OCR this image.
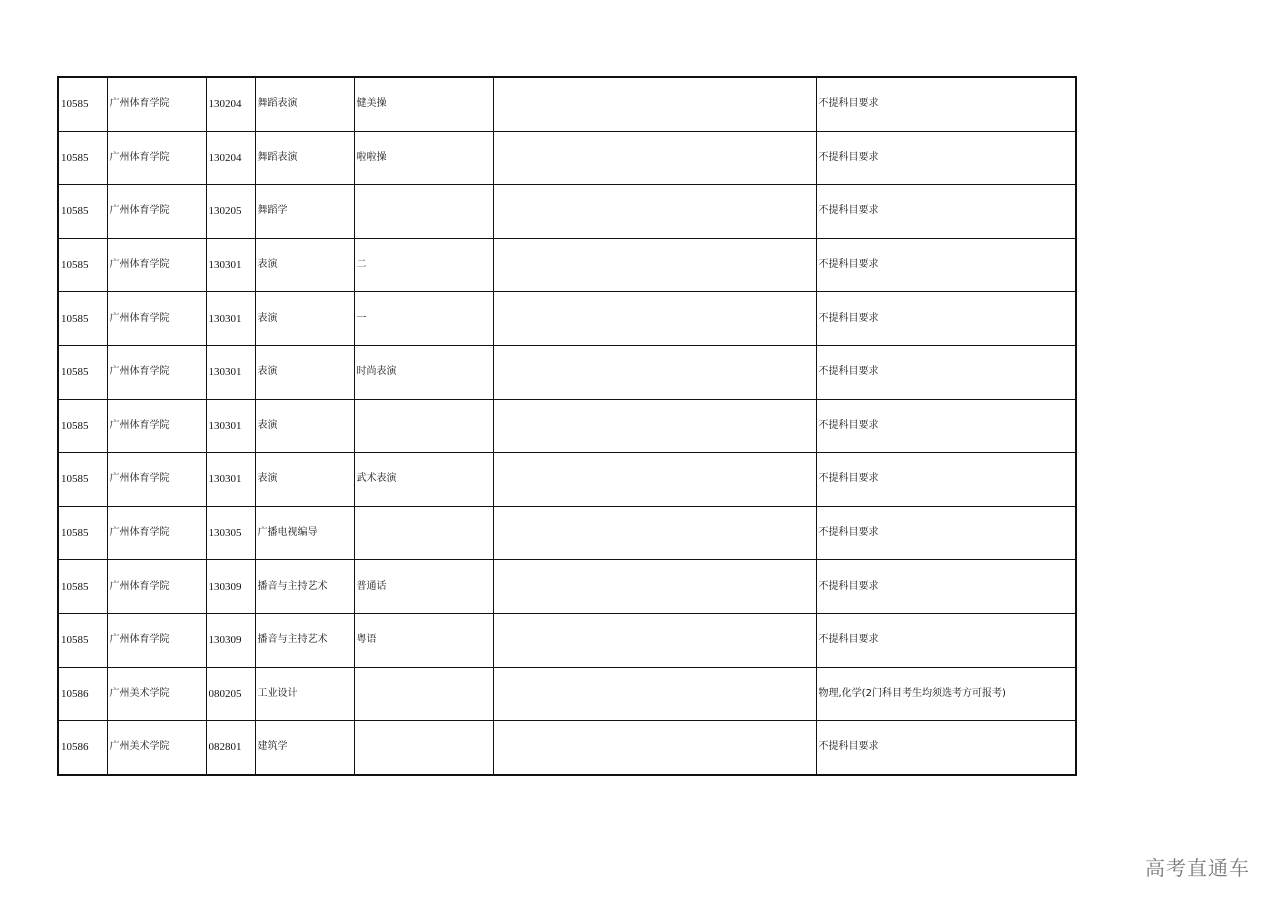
10585	广州体育学院	130204	舞蹈表演	健美操		不提科目要求
10585	广州体育学院	130204	舞蹈表演	啦啦操		不提科目要求
10585	广州体育学院	130205	舞蹈学			不提科目要求
10585	广州体育学院	130301	表演	二		不提科目要求
10585	广州体育学院	130301	表演	一		不提科目要求
10585	广州体育学院	130301	表演	时尚表演		不提科目要求
10585	广州体育学院	130301	表演			不提科目要求
10585	广州体育学院	130301	表演	武术表演		不提科目要求
10585	广州体育学院	130305	广播电视编导			不提科目要求
10585	广州体育学院	130309	播音与主持艺术	普通话		不提科目要求
10585	广州体育学院	130309	播音与主持艺术	粤语		不提科目要求
10586	广州美术学院	080205	工业设计			物理,化学(2门科目考生均须选考方可报考)
10586	广州美术学院	082801	建筑学			不提科目要求
高考直通车
